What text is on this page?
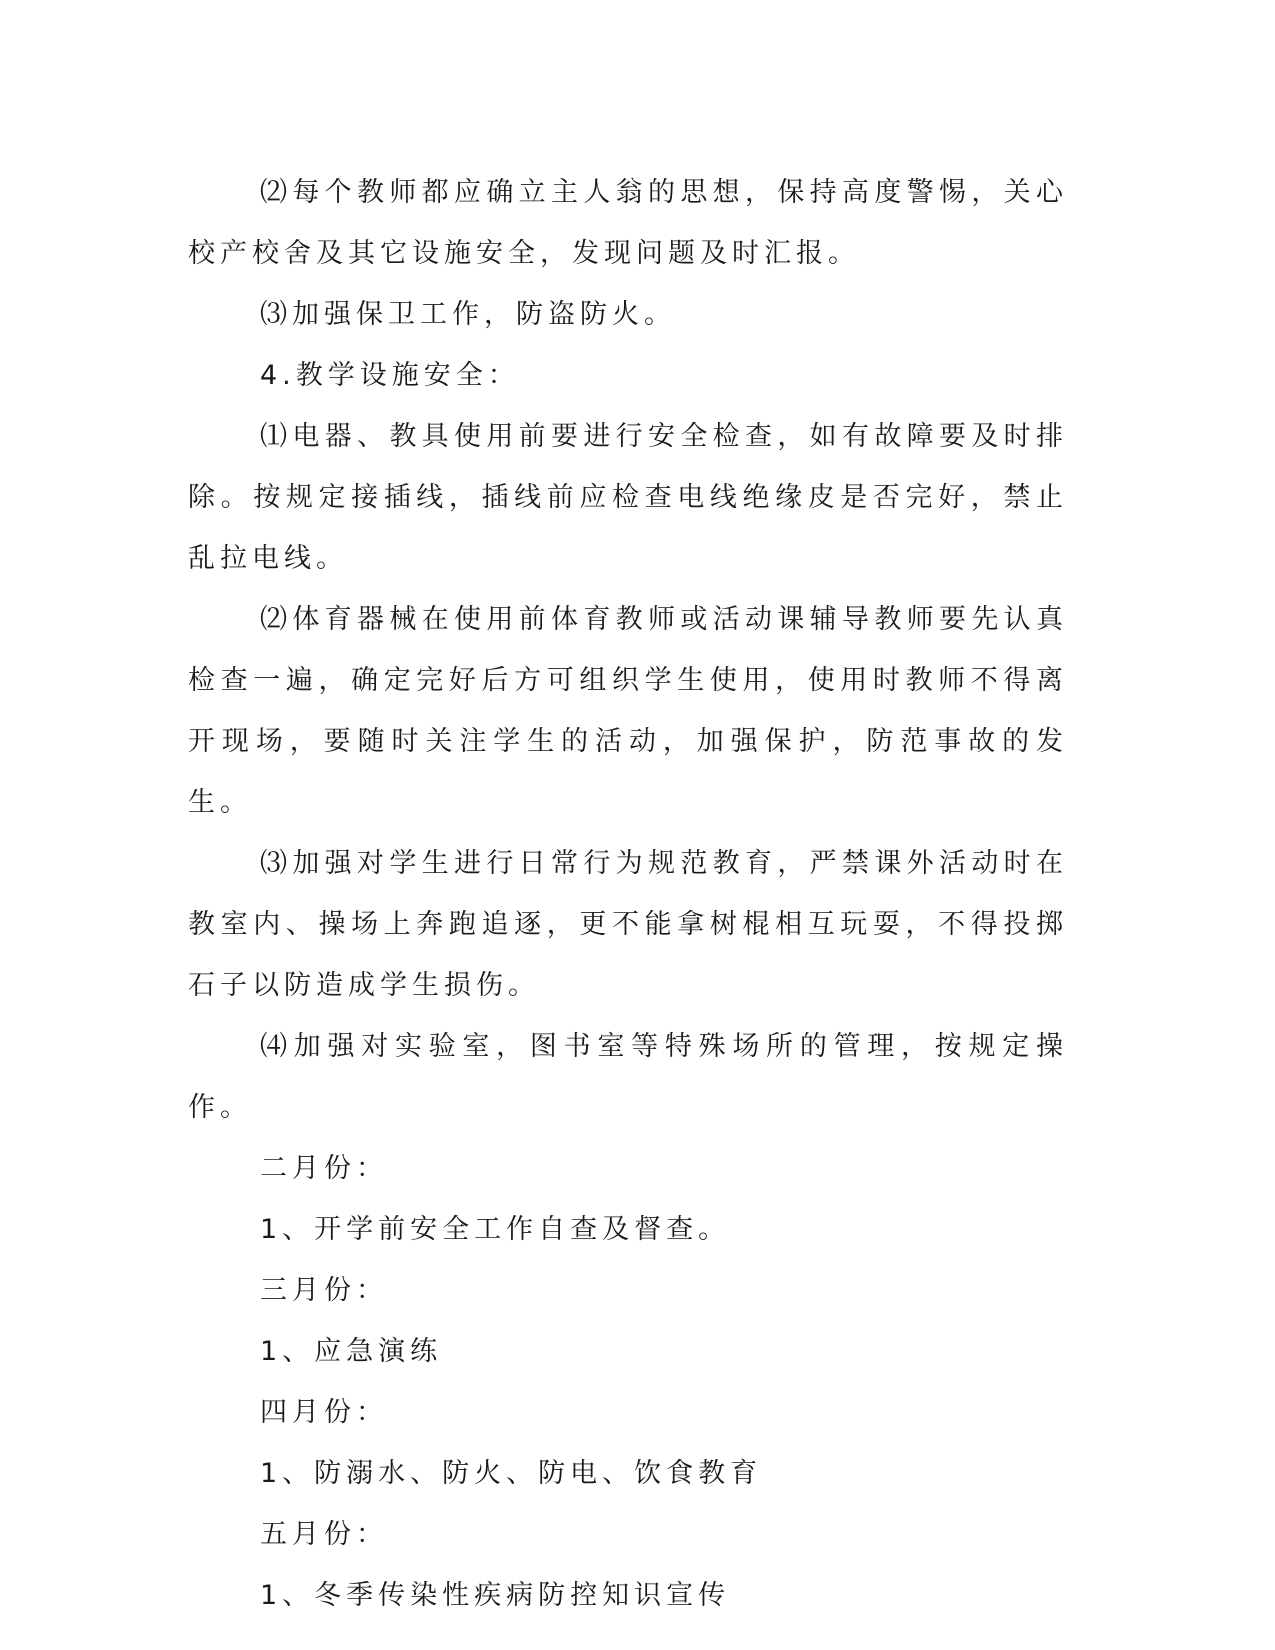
⑵每个教师都应确立主人翁的思想，保持高度警惕，关心校产校舍及其它设施安全，发现问题及时汇报。

⑶加强保卫工作，防盗防火。

4.教学设施安全：

⑴电器、教具使用前要进行安全检查，如有故障要及时排除。按规定接插线，插线前应检查电线绝缘皮是否完好，禁止乱拉电线。

⑵体育器械在使用前体育教师或活动课辅导教师要先认真检查一遍，确定完好后方可组织学生使用，使用时教师不得离开现场，要随时关注学生的活动，加强保护，防范事故的发生。

⑶加强对学生进行日常行为规范教育，严禁课外活动时在教室内、操场上奔跑追逐，更不能拿树棍相互玩耍，不得投掷石子以防造成学生损伤。

⑷加强对实验室，图书室等特殊场所的管理，按规定操作。

二月份：

1、开学前安全工作自查及督查。

三月份：

1、应急演练

四月份：

1、防溺水、防火、防电、饮食教育

五月份：

1、冬季传染性疾病防控知识宣传
